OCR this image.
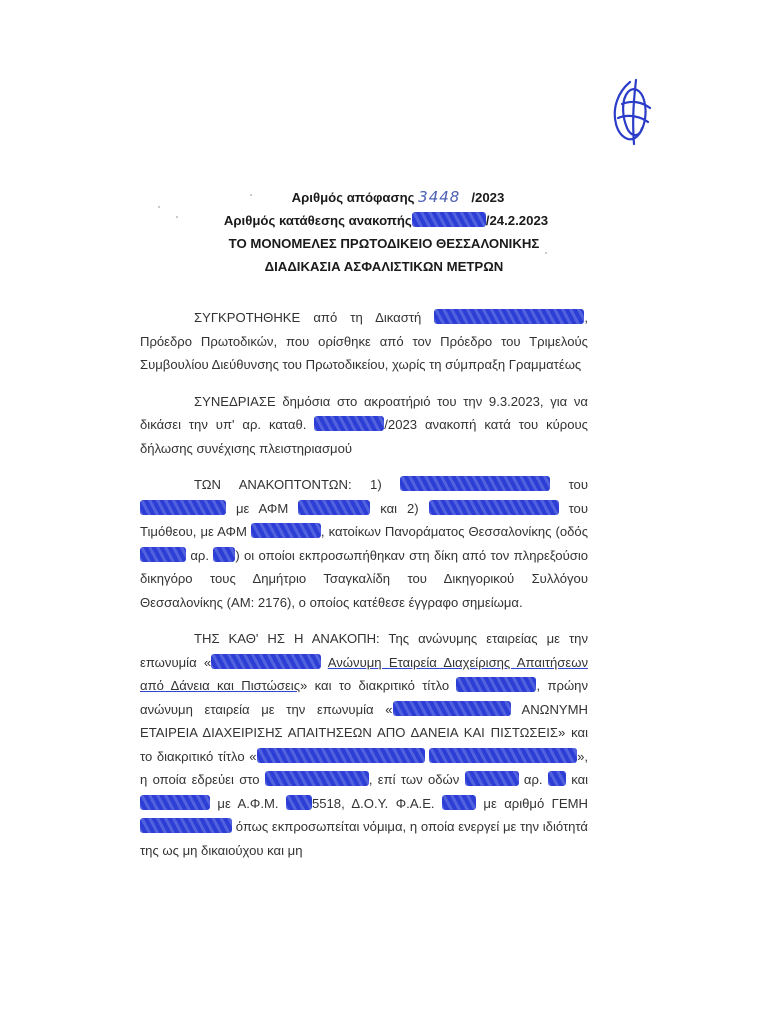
Αριθμός απόφασης 3448 /2023
Αριθμός κατάθεσης ανακοπής	/24.2.2023
ΤΟ ΜΟΝΟΜΕΛΕΣ ΠΡΩΤΟΔΙΚΕΙΟ ΘΕΣΣΑΛΟΝΙΚΗΣ
ΔΙΑΔΙΚΑΣΙΑ ΑΣΦΑΛΙΣΤΙΚΩΝ ΜΕΤΡΩΝ

ΣΥΓΚΡΟΤΗΘΗΚΕ από τη Δικαστή	, Πρόεδρο Πρωτοδικών, που ορίσθηκε από τον Πρόεδρο του Τριμελούς Συμβουλίου Διεύθυνσης του Πρωτοδικείου, χωρίς τη σύμπραξη Γραμματέως

ΣΥΝΕΔΡΙΑΣΕ δημόσια στο ακροατήριό του την 9.3.2023, για να δικάσει την υπ' αρ. καταθ.	/2023 ανακοπή κατά του κύρους δήλωσης συνέχισης πλειστηριασμού

ΤΩΝ ΑΝΑΚΟΠΤΟΝΤΩΝ: 1)	του  με ΑΦΜ	και 2)	του Τιμόθεου, με ΑΦΜ	, κατοίκων Πανοράματος Θεσσαλονίκης (οδός  αρ. ) οι οποίοι εκπροσωπήθηκαν στη δίκη από τον πληρεξούσιο δικηγόρο τους Δημήτριο Τσαγκαλίδη του Δικηγορικού Συλλόγου Θεσσαλονίκης (ΑΜ: 2176), ο οποίος κατέθεσε έγγραφο σημείωμα.

ΤΗΣ ΚΑΘ' ΗΣ Η ΑΝΑΚΟΠΗ: Της ανώνυμης εταιρείας με την επωνυμία «	Ανώνυμη Εταιρεία Διαχείρισης Απαιτήσεων από Δάνεια και Πιστώσεις» και το διακριτικό τίτλο	, πρώην ανώνυμη εταιρεία με την επωνυμία «	ΑΝΩΝΥΜΗ ΕΤΑΙΡΕΙΑ ΔΙΑΧΕΙΡΙΣΗΣ ΑΠΑΙΤΗΣΕΩΝ ΑΠΟ ΔΑΝΕΙΑ ΚΑΙ ΠΙΣΤΩΣΕΙΣ» και το διακριτικό τίτλο «	», η οποία εδρεύει στο	, επί των οδών	αρ. και  με Α.Φ.Μ.	5518, Δ.Ο.Υ. Φ.Α.Ε.	με αριθμό ΓΕΜΗ  όπως εκπροσωπείται νόμιμα, η οποία ενεργεί με την ιδιότητά της ως μη δικαιούχου και μη
